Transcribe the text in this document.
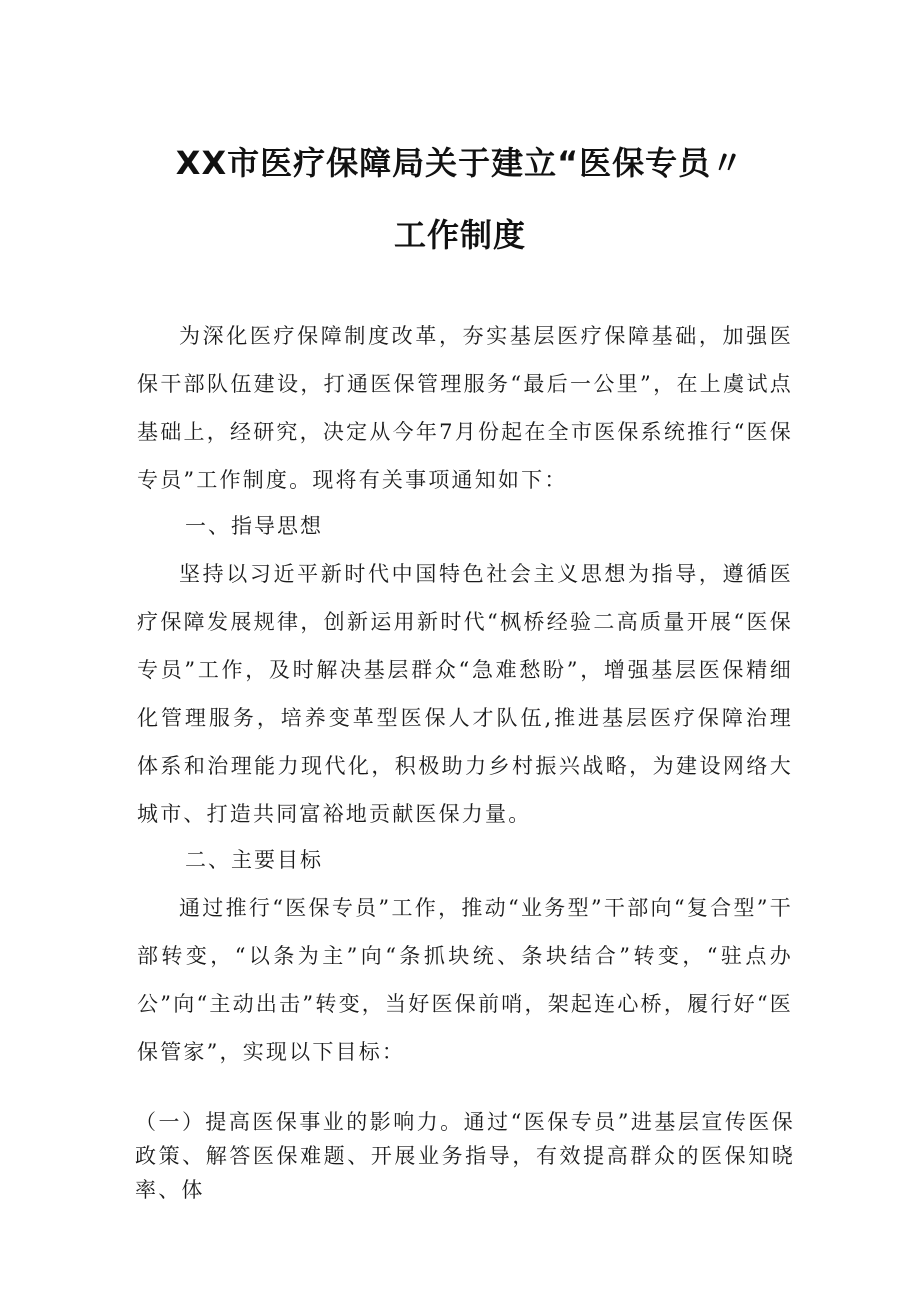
XX市医疗保障局关于建立“医保专员〃
工作制度

为深化医疗保障制度改革，夯实基层医疗保障基础，加强医保干部队伍建设，打通医保管理服务“最后一公里”，在上虞试点基础上，经研究，决定从今年7月份起在全市医保系统推行“医保专员”工作制度。现将有关事项通知如下：

一、指导思想

坚持以习近平新时代中国特色社会主义思想为指导，遵循医疗保障发展规律，创新运用新时代“枫桥经验二高质量开展“医保专员”工作，及时解决基层群众“急难愁盼”，增强基层医保精细化管理服务，培养变革型医保人才队伍,推进基层医疗保障治理体系和治理能力现代化，积极助力乡村振兴战略，为建设网络大城市、打造共同富裕地贡献医保力量。

二、主要目标

通过推行“医保专员”工作，推动“业务型”干部向“复合型”干部转变，“以条为主”向“条抓块统、条块结合”转变，“驻点办公”向“主动出击”转变，当好医保前哨，架起连心桥，履行好“医保管家”，实现以下目标：

（一）提高医保事业的影响力。通过“医保专员”进基层宣传医保政策、解答医保难题、开展业务指导，有效提高群众的医保知晓率、体
